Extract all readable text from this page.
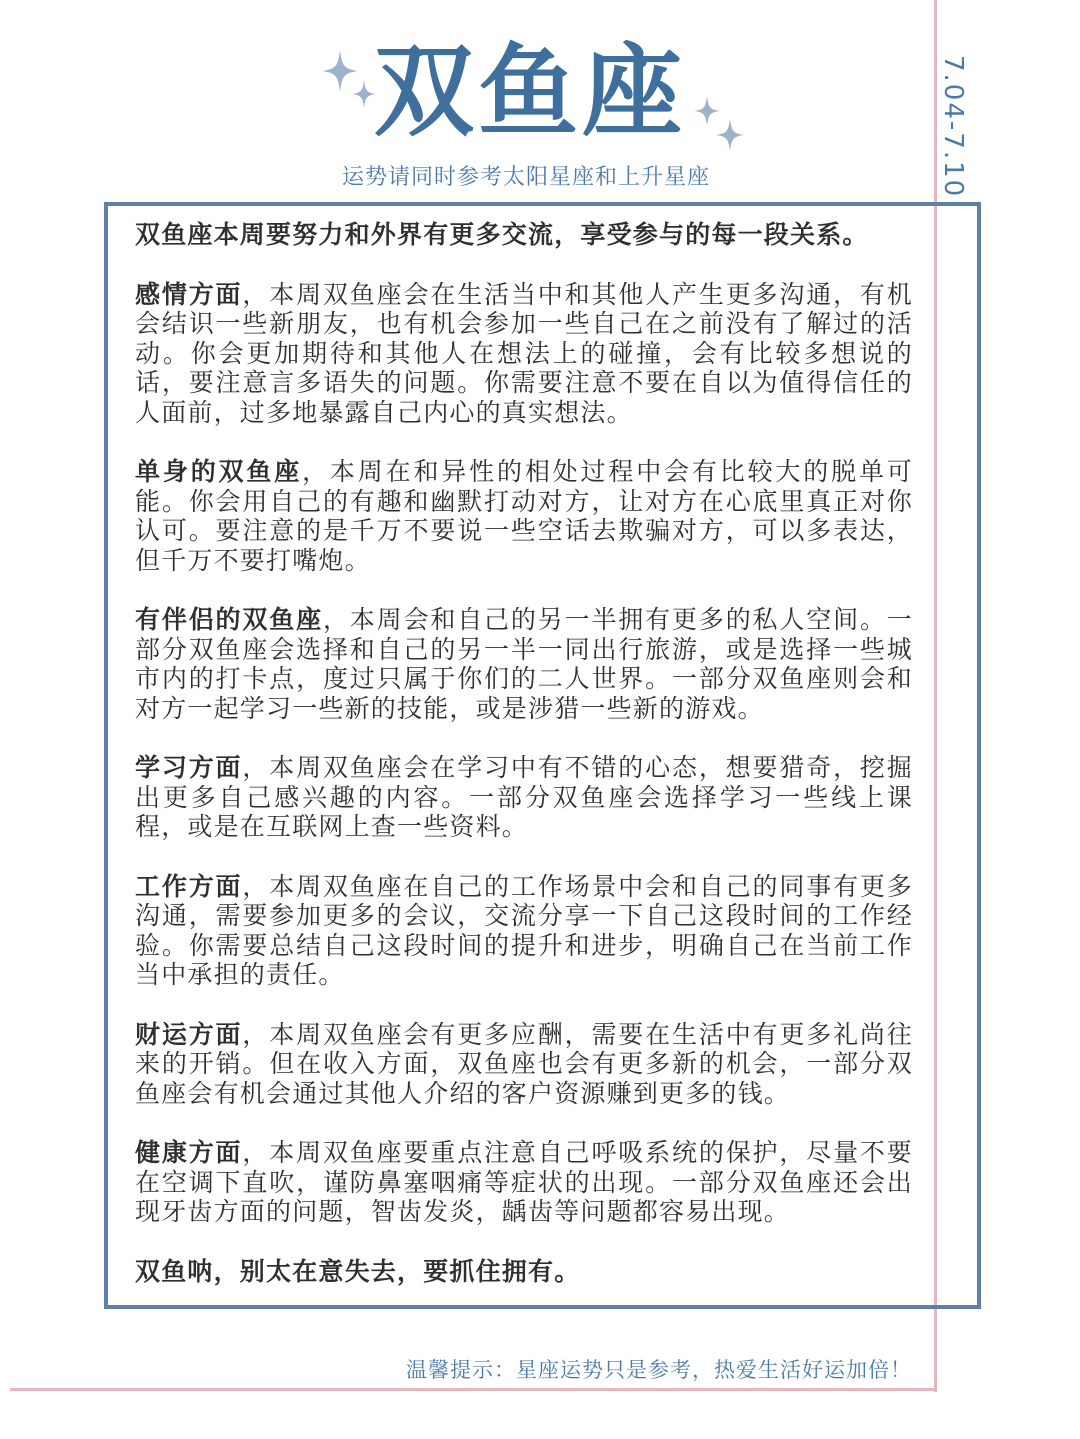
双鱼座
运势请同时参考太阳星座和上升星座	7.04-7.10

双鱼座本周要努力和外界有更多交流，享受参与的每一段关系。

感情方面，本周双鱼座会在生活当中和其他人产生更多沟通，有机会结识一些新朋友，也有机会参加一些自己在之前没有了解过的活动。你会更加期待和其他人在想法上的碰撞，会有比较多想说的话，要注意言多语失的问题。你需要注意不要在自以为值得信任的人面前，过多地暴露自己内心的真实想法。

单身的双鱼座，本周在和异性的相处过程中会有比较大的脱单可能。你会用自己的有趣和幽默打动对方，让对方在心底里真正对你认可。要注意的是千万不要说一些空话去欺骗对方，可以多表达，但千万不要打嘴炮。

有伴侣的双鱼座，本周会和自己的另一半拥有更多的私人空间。一部分双鱼座会选择和自己的另一半一同出行旅游，或是选择一些城市内的打卡点，度过只属于你们的二人世界。一部分双鱼座则会和对方一起学习一些新的技能，或是涉猎一些新的游戏。

学习方面，本周双鱼座会在学习中有不错的心态，想要猎奇，挖掘出更多自己感兴趣的内容。一部分双鱼座会选择学习一些线上课程，或是在互联网上查一些资料。

工作方面，本周双鱼座在自己的工作场景中会和自己的同事有更多沟通，需要参加更多的会议，交流分享一下自己这段时间的工作经验。你需要总结自己这段时间的提升和进步，明确自己在当前工作当中承担的责任。

财运方面，本周双鱼座会有更多应酬，需要在生活中有更多礼尚往来的开销。但在收入方面，双鱼座也会有更多新的机会，一部分双鱼座会有机会通过其他人介绍的客户资源赚到更多的钱。

健康方面，本周双鱼座要重点注意自己呼吸系统的保护，尽量不要在空调下直吹，谨防鼻塞咽痛等症状的出现。一部分双鱼座还会出现牙齿方面的问题，智齿发炎，龋齿等问题都容易出现。

双鱼呐，别太在意失去，要抓住拥有。

温馨提示：星座运势只是参考，热爱生活好运加倍！
